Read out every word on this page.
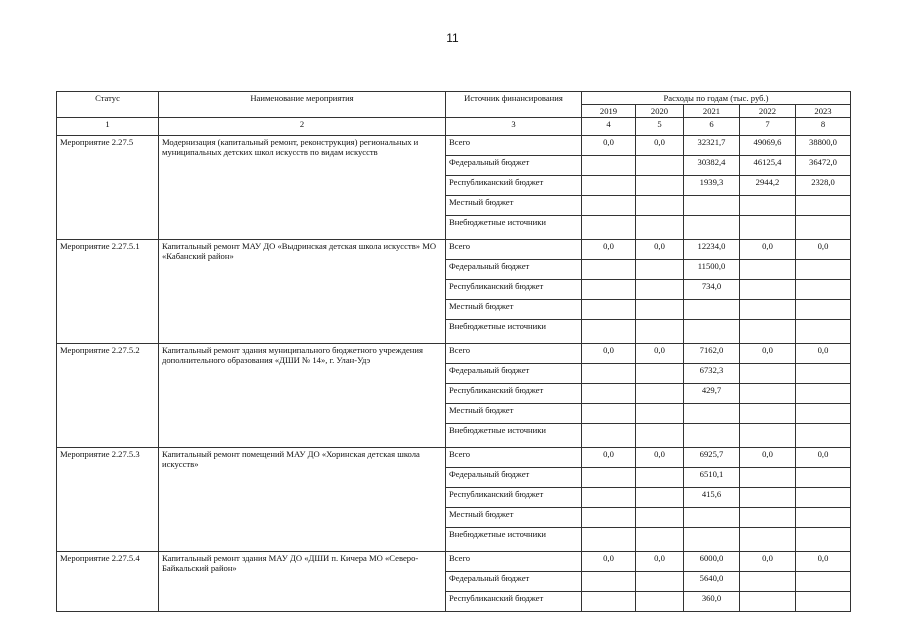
11
Статус	Наименование мероприятия	Источник финансирования	Расходы по годам (тыс. руб.)				
			2019	2020	2021	2022	2023
1	2	3	4	5	6	7	8
Мероприятие 2.27.5	Модернизация (капитальный ремонт, реконструкция) региональных и муниципальных детских школ искусств по видам искусств	Всего	0,0	0,0	32321,7	49069,6	38800,0
		Федеральный бюджет			30382,4	46125,4	36472,0
		Республиканский бюджет			1939,3	2944,2	2328,0
		Местный бюджет					
		Внебюджетные источники					
Мероприятие 2.27.5.1	Капитальный ремонт МАУ ДО «Выдринская детская школа искусств» МО «Кабанский район»	Всего	0,0	0,0	12234,0	0,0	0,0
		Федеральный бюджет			11500,0		
		Республиканский бюджет			734,0		
		Местный бюджет					
		Внебюджетные источники					
Мероприятие 2.27.5.2	Капитальный ремонт здания муниципального бюджетного учреждения дополнительного образования «ДШИ № 14», г. Улан-Удэ	Всего	0,0	0,0	7162,0	0,0	0,0
		Федеральный бюджет			6732,3		
		Республиканский бюджет			429,7		
		Местный бюджет					
		Внебюджетные источники					
Мероприятие 2.27.5.3	Капитальный ремонт помещений МАУ ДО «Хоринская детская школа искусств»	Всего	0,0	0,0	6925,7	0,0	0,0
		Федеральный бюджет			6510,1		
		Республиканский бюджет			415,6		
		Местный бюджет					
		Внебюджетные источники					
Мероприятие 2.27.5.4	Капитальный ремонт здания МАУ ДО «ДШИ п. Кичера МО «Северо-Байкальский район»	Всего	0,0	0,0	6000,0	0,0	0,0
		Федеральный бюджет			5640,0		
		Республиканский бюджет			360,0		
